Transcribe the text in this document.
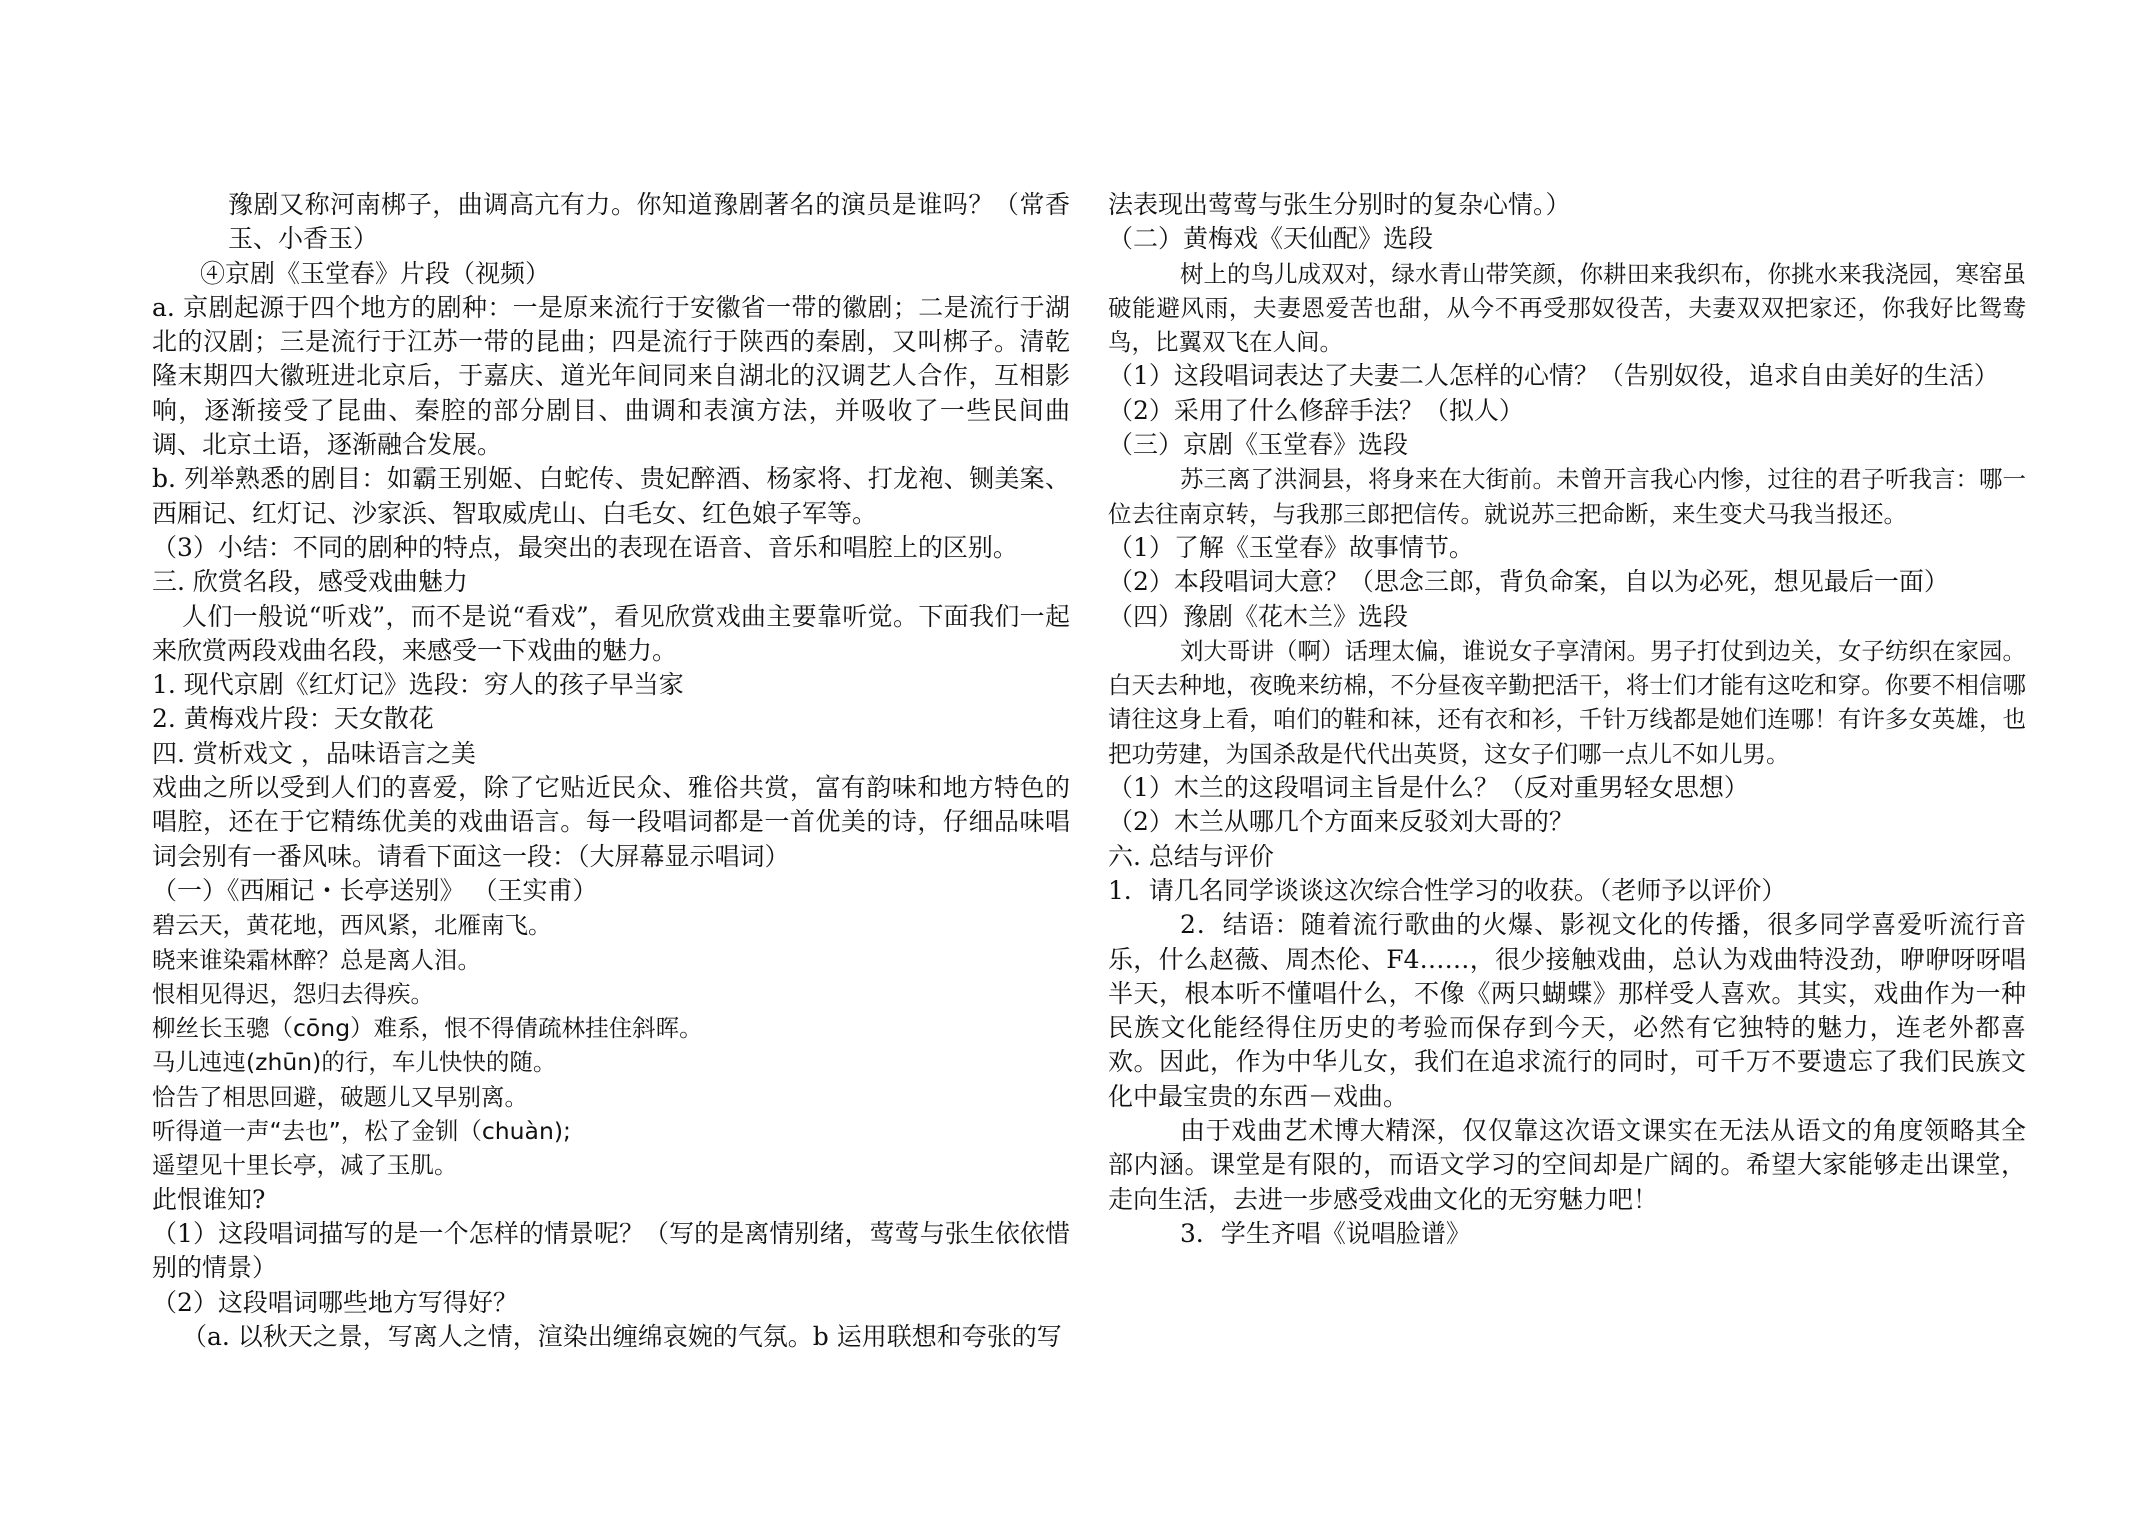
豫剧又称河南梆子，曲调高亢有力。你知道豫剧著名的演员是谁吗？（常香玉、小香玉）

④京剧《玉堂春》片段（视频）

a. 京剧起源于四个地方的剧种：一是原来流行于安徽省一带的徽剧；二是流行于湖北的汉剧；三是流行于江苏一带的昆曲；四是流行于陕西的秦剧，又叫梆子。清乾隆末期四大徽班进北京后，于嘉庆、道光年间同来自湖北的汉调艺人合作，互相影响，逐渐接受了昆曲、秦腔的部分剧目、曲调和表演方法，并吸收了一些民间曲调、北京土语，逐渐融合发展。

b. 列举熟悉的剧目：如霸王别姬、白蛇传、贵妃醉酒、杨家将、打龙袍、铡美案、西厢记、红灯记、沙家浜、智取威虎山、白毛女、红色娘子军等。

（3）小结：不同的剧种的特点，最突出的表现在语音、音乐和唱腔上的区别。

三. 欣赏名段，感受戏曲魅力

人们一般说“听戏”，而不是说“看戏”，看见欣赏戏曲主要靠听觉。下面我们一起来欣赏两段戏曲名段，来感受一下戏曲的魅力。

1. 现代京剧《红灯记》选段：穷人的孩子早当家

2. 黄梅戏片段：天女散花

四. 赏析戏文 ，品味语言之美

戏曲之所以受到人们的喜爱，除了它贴近民众、雅俗共赏，富有韵味和地方特色的唱腔，还在于它精练优美的戏曲语言。每一段唱词都是一首优美的诗，仔细品味唱词会别有一番风味。请看下面这一段：（大屏幕显示唱词）

（一）《西厢记・长亭送别》 （王实甫）

碧云天，黄花地，西风紧，北雁南飞。

晓来谁染霜林醉？总是离人泪。

恨相见得迟，怨归去得疾。

柳丝长玉骢（cōng）难系，恨不得倩疏林挂住斜晖。

马儿迍迍(zhūn)的行，车儿快快的随。

恰告了相思回避，破题儿又早别离。

听得道一声“去也”，松了金钏（chuàn);

遥望见十里长亭，减了玉肌。

此恨谁知?

（1）这段唱词描写的是一个怎样的情景呢？（写的是离情别绪，莺莺与张生依依惜别的情景）

（2）这段唱词哪些地方写得好？

（a. 以秋天之景，写离人之情，渲染出缠绵哀婉的气氛。b 运用联想和夸张的写

法表现出莺莺与张生分别时的复杂心情。）

（二）黄梅戏《天仙配》选段

树上的鸟儿成双对，绿水青山带笑颜，你耕田来我织布，你挑水来我浇园，寒窑虽破能避风雨，夫妻恩爱苦也甜，从今不再受那奴役苦，夫妻双双把家还，你我好比鸳鸯鸟，比翼双飞在人间。

（1）这段唱词表达了夫妻二人怎样的心情？（告别奴役，追求自由美好的生活）

（2）采用了什么修辞手法？（拟人）

（三）京剧《玉堂春》选段

苏三离了洪洞县，将身来在大街前。未曾开言我心内惨，过往的君子听我言：哪一位去往南京转，与我那三郎把信传。就说苏三把命断，来生变犬马我当报还。

（1）了解《玉堂春》故事情节。

（2）本段唱词大意？（思念三郎，背负命案，自以为必死，想见最后一面）

（四）豫剧《花木兰》选段

刘大哥讲（啊）话理太偏，谁说女子享清闲。男子打仗到边关，女子纺织在家园。白天去种地，夜晚来纺棉，不分昼夜辛勤把活干，将士们才能有这吃和穿。你要不相信哪请往这身上看，咱们的鞋和袜，还有衣和衫，千针万线都是她们连哪！有许多女英雄，也把功劳建，为国杀敌是代代出英贤，这女子们哪一点儿不如儿男。

（1）木兰的这段唱词主旨是什么？（反对重男轻女思想）

（2）木兰从哪几个方面来反驳刘大哥的？

六. 总结与评价

1．请几名同学谈谈这次综合性学习的收获。（老师予以评价）

2．结语：随着流行歌曲的火爆、影视文化的传播，很多同学喜爱听流行音乐，什么赵薇、周杰伦、F4……，很少接触戏曲，总认为戏曲特没劲，咿咿呀呀唱半天，根本听不懂唱什么，不像《两只蝴蝶》那样受人喜欢。其实，戏曲作为一种民族文化能经得住历史的考验而保存到今天，必然有它独特的魅力，连老外都喜欢。因此，作为中华儿女，我们在追求流行的同时，可千万不要遗忘了我们民族文化中最宝贵的东西－戏曲。

由于戏曲艺术博大精深，仅仅靠这次语文课实在无法从语文的角度领略其全部内涵。课堂是有限的，而语文学习的空间却是广阔的。希望大家能够走出课堂，走向生活，去进一步感受戏曲文化的无穷魅力吧！

3．学生齐唱《说唱脸谱》
